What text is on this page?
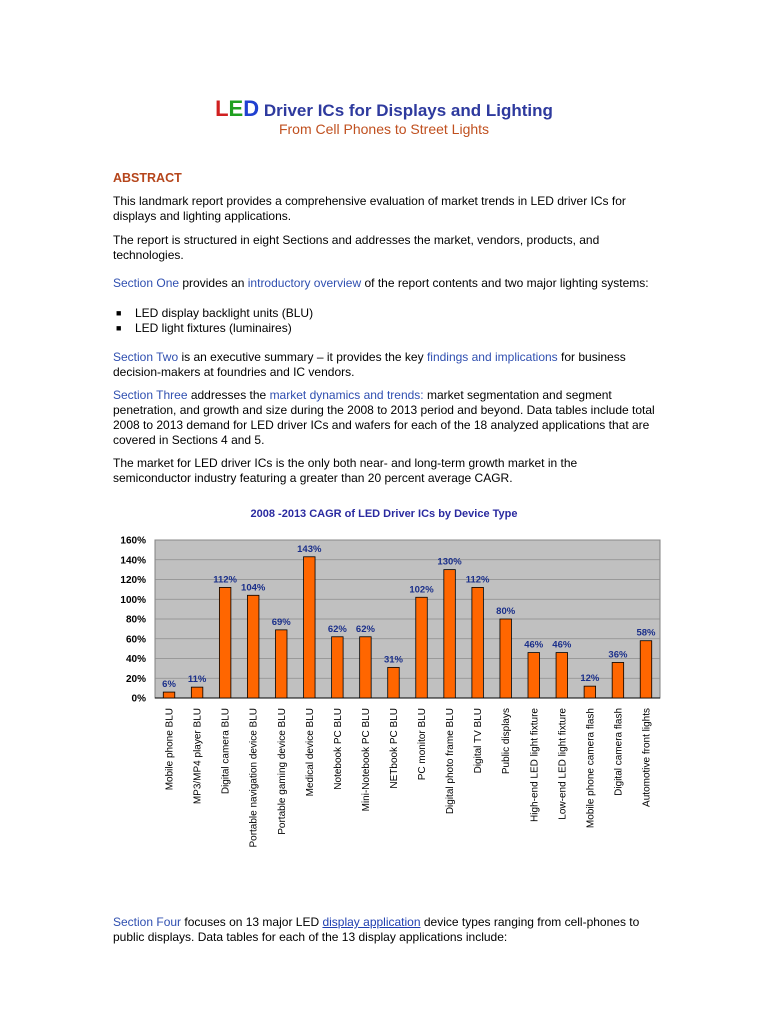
LED Driver ICs for Displays and Lighting
From Cell Phones to Street Lights
ABSTRACT
This landmark report provides a comprehensive evaluation of market trends in LED driver ICs for displays and lighting applications.
The report is structured in eight Sections and addresses the market, vendors, products, and technologies.
Section One provides an introductory overview of the report contents and two major lighting systems:
■ LED display backlight units (BLU)
■ LED light fixtures (luminaires)
Section Two is an executive summary – it provides the key findings and implications for business decision-makers at foundries and IC vendors.
Section Three addresses the market dynamics and trends: market segmentation and segment penetration, and growth and size during the 2008 to 2013 period and beyond. Data tables include total 2008 to 2013 demand for LED driver ICs and wafers for each of the 18 analyzed applications that are covered in Sections 4 and 5.
The market for LED driver ICs is the only both near- and long-term growth market in the semiconductor industry featuring a greater than 20 percent average CAGR.
2008 -2013 CAGR of LED Driver ICs by Device Type
0%
20%
40%
60%
80%
100%
120%
140%
160%
6%
Mobile phone BLU
11%
MP3/MP4 player BLU
112%
Digital camera BLU
104%
Portable navigation device BLU
69%
Portable gaming device BLU
143%
Medical device BLU
62%
Notebook PC BLU
62%
Mini-Notebook PC BLU
31%
NETbook PC BLU
102%
PC monitor BLU
130%
Digital photo frame BLU
112%
Digital TV BLU
80%
Public displays
46%
High-end LED light fixture
46%
Low-end LED light fixture
12%
Mobile phone camera flash
36%
Digital camera flash
58%
Automotive front lights
Section Four focuses on 13 major LED display application device types ranging from cell-phones to public displays. Data tables for each of the 13 display applications include:
